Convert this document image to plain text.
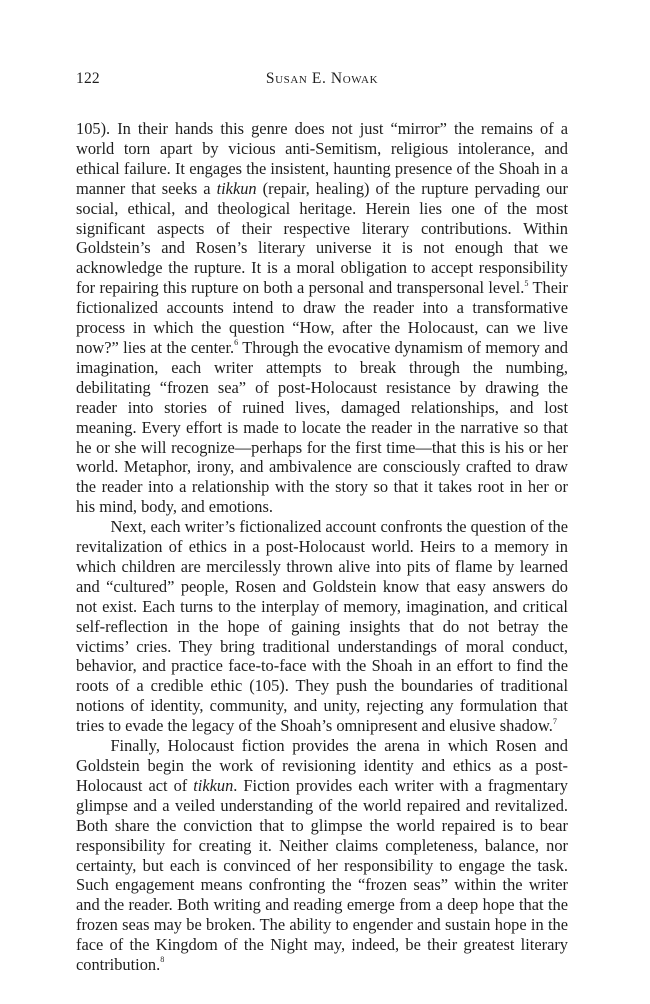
122	Susan E. Nowak

105). In their hands this genre does not just “mirror” the remains of a world torn apart by vicious anti-Semitism, religious intolerance, and ethical failure. It engages the insistent, haunting presence of the Shoah in a manner that seeks a tikkun (repair, healing) of the rupture pervading our social, ethical, and theological heritage. Herein lies one of the most significant aspects of their respective literary contributions. Within Goldstein’s and Rosen’s literary universe it is not enough that we acknowledge the rupture. It is a moral obligation to accept responsibility for repairing this rupture on both a personal and transpersonal level.$^5$ Their fictionalized accounts intend to draw the reader into a transformative process in which the question “How, after the Holocaust, can we live now?” lies at the center.$^6$ Through the evocative dynamism of memory and imagination, each writer attempts to break through the numbing, debilitating “frozen sea” of post-Holocaust resistance by drawing the reader into stories of ruined lives, damaged relationships, and lost meaning. Every effort is made to locate the reader in the narrative so that he or she will recognize—perhaps for the first time—that this is his or her world. Metaphor, irony, and ambivalence are consciously crafted to draw the reader into a relationship with the story so that it takes root in her or his mind, body, and emotions.

Next, each writer’s fictionalized account confronts the question of the revitalization of ethics in a post-Holocaust world. Heirs to a memory in which children are mercilessly thrown alive into pits of flame by learned and “cultured” people, Rosen and Goldstein know that easy answers do not exist. Each turns to the interplay of memory, imagination, and critical self-reflection in the hope of gaining insights that do not betray the victims’ cries. They bring traditional understandings of moral conduct, behavior, and practice face-to-face with the Shoah in an effort to find the roots of a credible ethic (105). They push the boundaries of traditional notions of identity, community, and unity, rejecting any formulation that tries to evade the legacy of the Shoah’s omnipresent and elusive shadow.$^7$

Finally, Holocaust fiction provides the arena in which Rosen and Goldstein begin the work of revisioning identity and ethics as a post-Holocaust act of tikkun. Fiction provides each writer with a fragmentary glimpse and a veiled understanding of the world repaired and revitalized. Both share the conviction that to glimpse the world repaired is to bear responsibility for creating it. Neither claims completeness, balance, nor certainty, but each is convinced of her responsibility to engage the task. Such engagement means confronting the “frozen seas” within the writer and the reader. Both writing and reading emerge from a deep hope that the frozen seas may be broken. The ability to engender and sustain hope in the face of the Kingdom of the Night may, indeed, be their greatest literary contribution.$^8$
